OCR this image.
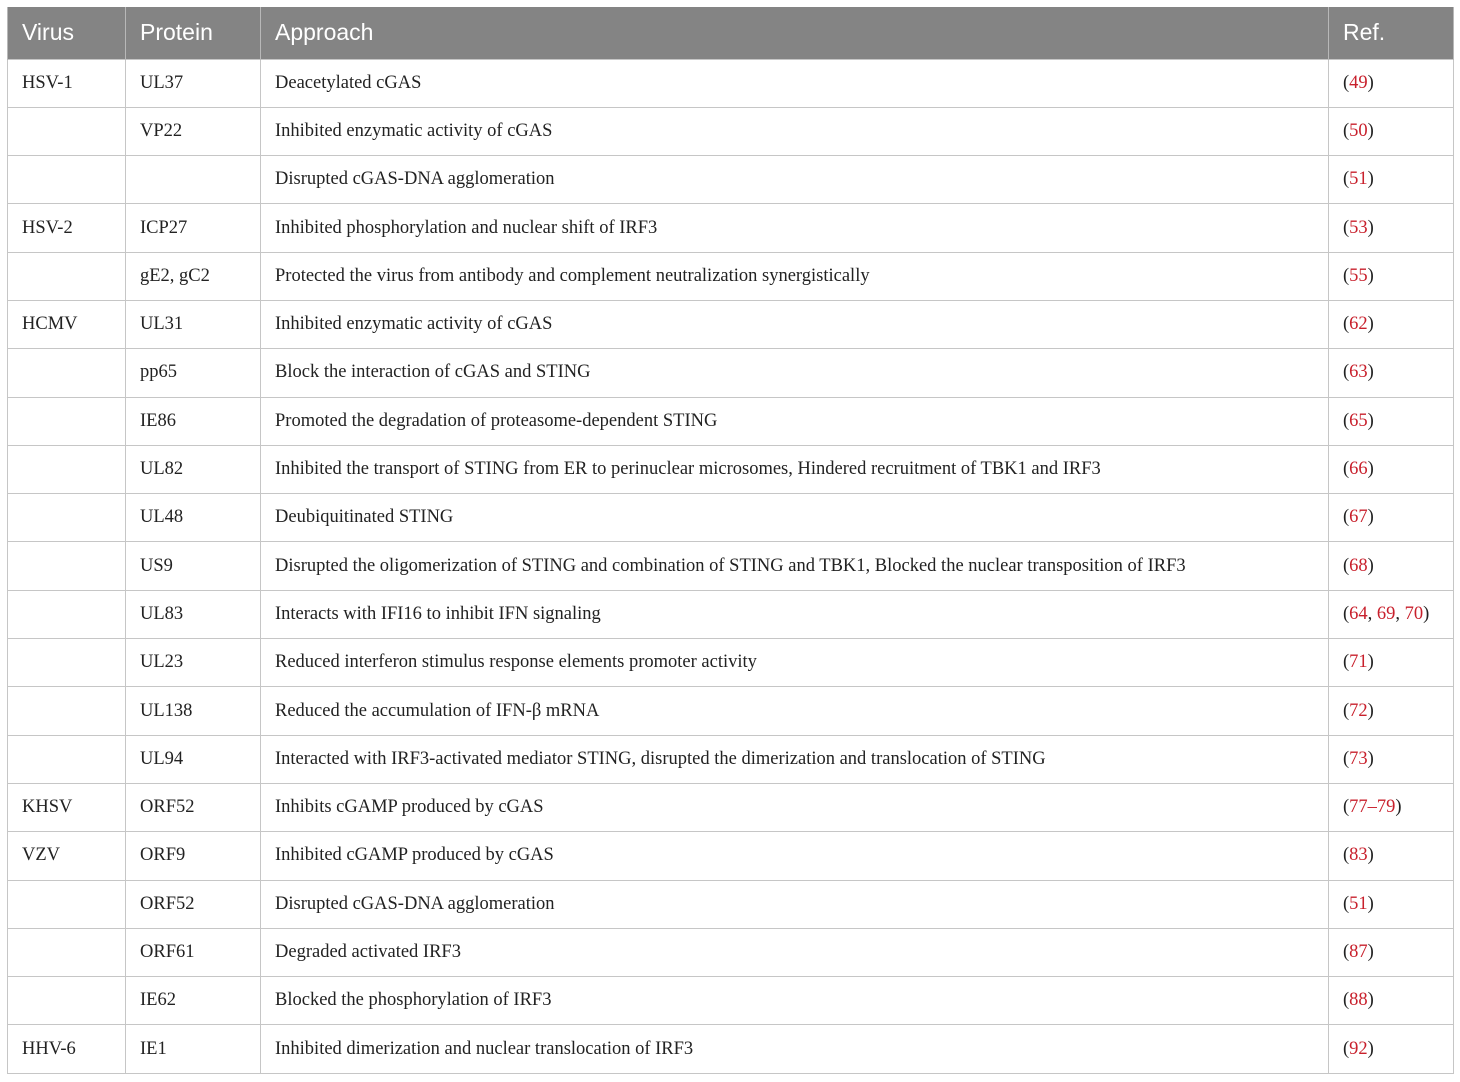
Virus	Protein	Approach	Ref.
HSV-1	UL37	Deacetylated cGAS	(49)
	VP22	Inhibited enzymatic activity of cGAS	(50)
		Disrupted cGAS-DNA agglomeration	(51)
HSV-2	ICP27	Inhibited phosphorylation and nuclear shift of IRF3	(53)
	gE2, gC2	Protected the virus from antibody and complement neutralization synergistically	(55)
HCMV	UL31	Inhibited enzymatic activity of cGAS	(62)
	pp65	Block the interaction of cGAS and STING	(63)
	IE86	Promoted the degradation of proteasome-dependent STING	(65)
	UL82	Inhibited the transport of STING from ER to perinuclear microsomes, Hindered recruitment of TBK1 and IRF3	(66)
	UL48	Deubiquitinated STING	(67)
	US9	Disrupted the oligomerization of STING and combination of STING and TBK1, Blocked the nuclear transposition of IRF3	(68)
	UL83	Interacts with IFI16 to inhibit IFN signaling	(64, 69, 70)
	UL23	Reduced interferon stimulus response elements promoter activity	(71)
	UL138	Reduced the accumulation of IFN-β mRNA	(72)
	UL94	Interacted with IRF3-activated mediator STING, disrupted the dimerization and translocation of STING	(73)
KHSV	ORF52	Inhibits cGAMP produced by cGAS	(77–79)
VZV	ORF9	Inhibited cGAMP produced by cGAS	(83)
	ORF52	Disrupted cGAS-DNA agglomeration	(51)
	ORF61	Degraded activated IRF3	(87)
	IE62	Blocked the phosphorylation of IRF3	(88)
HHV-6	IE1	Inhibited dimerization and nuclear translocation of IRF3	(92)
